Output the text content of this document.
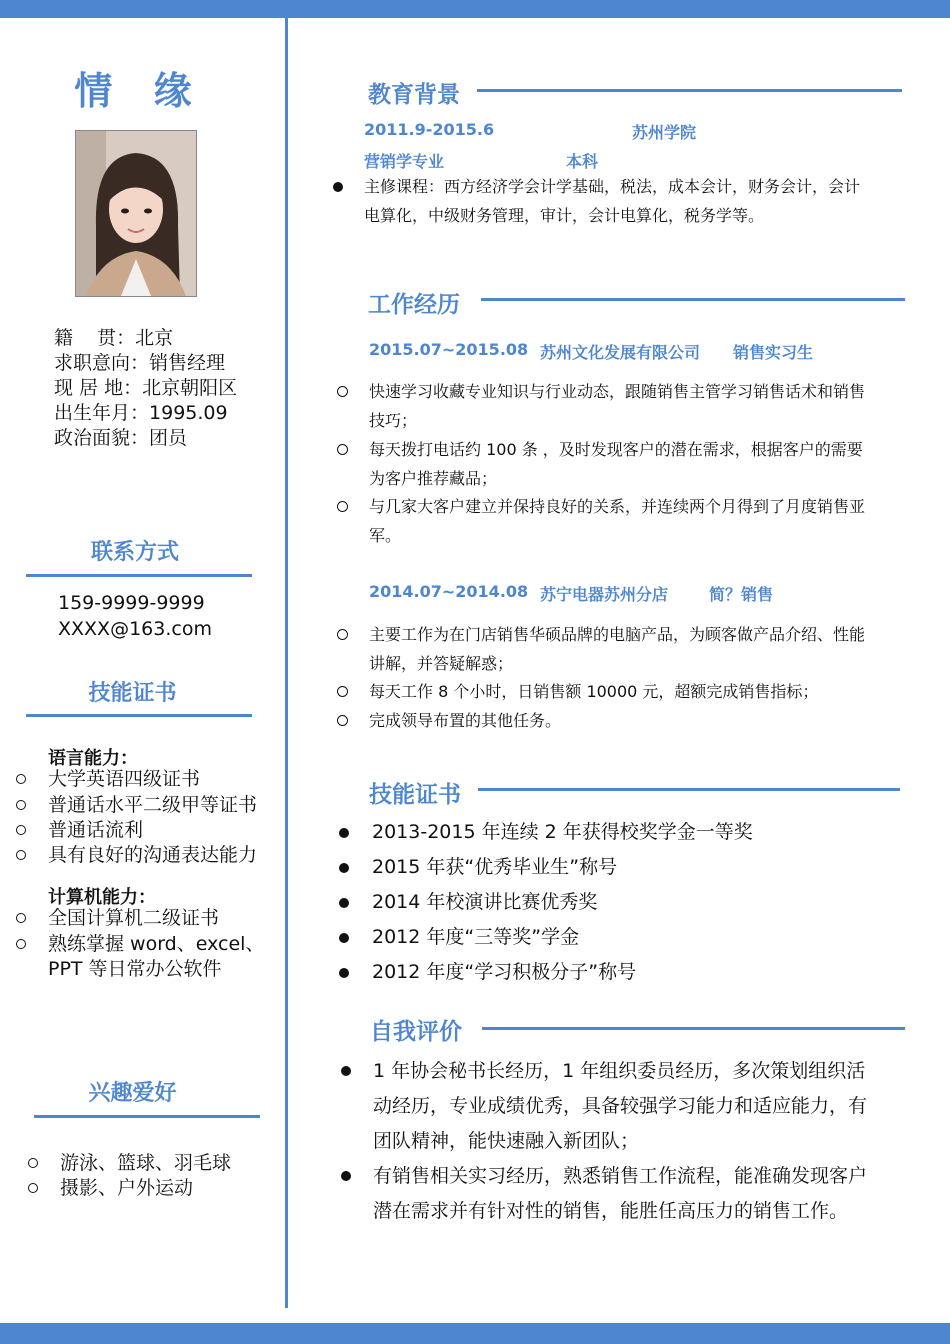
情 缘
籍    贯：北京
求职意向：销售经理
现 居 地：北京朝阳区
出生年月：1995.09
政治面貌：团员
联系方式
159-9999-9999
XXXX@163.com
技能证书
语言能力：
大学英语四级证书
普通话水平二级甲等证书
普通话流利
具有良好的沟通表达能力
计算机能力：
全国计算机二级证书
熟练掌握 word、excel、
PPT 等日常办公软件
兴趣爱好
游泳、篮球、羽毛球
摄影、户外运动
教育背景
2011.9-2015.6	苏州学院
营销学专业	本科
主修课程：西方经济学会计学基础，税法，成本会计，财务会计，会计
电算化，中级财务管理，审计，会计电算化，税务学等。
工作经历
2015.07~2015.08 苏州文化发展有限公司 销售实习生
快速学习收藏专业知识与行业动态，跟随销售主管学习销售话术和销售
技巧；
每天拨打电话约 100 条 ，及时发现客户的潜在需求，根据客户的需要
为客户推荐藏品；
与几家大客户建立并保持良好的关系，并连续两个月得到了月度销售亚
军。
2014.07~2014.08 苏宁电器苏州分店	简？销售
主要工作为在门店销售华硕品牌的电脑产品，为顾客做产品介绍、性能
讲解，并答疑解惑；
每天工作 8 个小时，日销售额 10000 元，超额完成销售指标；
完成领导布置的其他任务。
技能证书
2013-2015 年连续 2 年获得校奖学金一等奖
2015 年获“优秀毕业生”称号
2014 年校演讲比赛优秀奖
2012 年度“三等奖”学金
2012 年度“学习积极分子”称号
自我评价
1 年协会秘书长经历，1 年组织委员经历，多次策划组织活
动经历，专业成绩优秀，具备较强学习能力和适应能力，有
团队精神，能快速融入新团队；
有销售相关实习经历，熟悉销售工作流程，能准确发现客户
潜在需求并有针对性的销售，能胜任高压力的销售工作。
